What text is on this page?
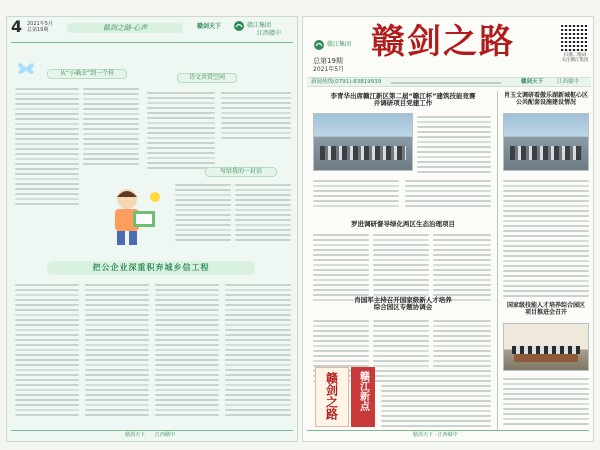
4 2021年5月
总第19期	赣剑之路·心声	赣剑天下	赣江集团
江西赣中
从“小确幸”到一个样
诗文共赏空间
写给我的一封信
把公企业深重积弃城乡信工程
赣剑天下 江西赣中
赣江集团 赣剑之路
总第19期
2021年5月
扫描二维码
关注赣江集团
新闻热线(0791)-83819939	赣剑天下	江西赣中
李青华出席赣江新区第二届“赣江杯”建筑技能竞赛
并调研项目党建工作
肖玉文调研看傲乐湖新城枢心区
公共配套设施建设情况
罗进调研督导绿化两区生态治理项目
肖国军主持召开国家级新人才培养
综合园区专题协调会
赣剑之路 赣江新点
国家级技能人才培养综合园区
项目推进会召开
赣剑天下 · 江西赣中
